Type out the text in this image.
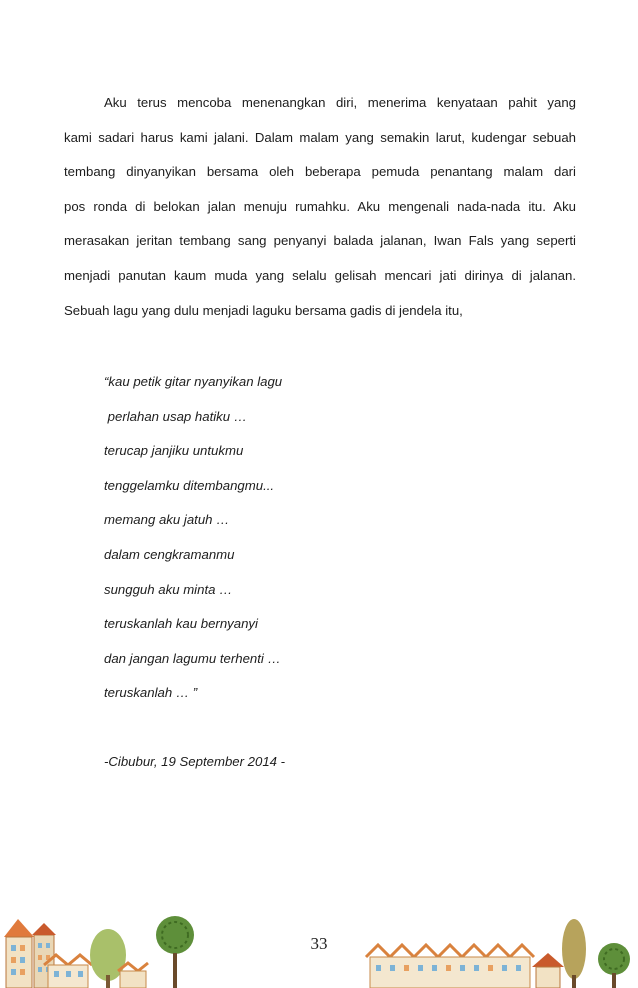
Aku terus mencoba menenangkan diri, menerima kenyataan pahit yang
kami sadari harus kami jalani. Dalam malam yang semakin larut, kudengar sebuah
tembang dinyanyikan bersama oleh beberapa pemuda penantang malam dari
pos ronda di belokan jalan menuju rumahku. Aku mengenali nada-nada itu. Aku
merasakan jeritan tembang sang penyanyi balada jalanan, Iwan Fals yang seperti
menjadi panutan kaum muda yang selalu gelisah mencari jati dirinya di jalanan.
Sebuah lagu yang dulu menjadi laguku bersama gadis di jendela itu,
“kau petik gitar nyanyikan lagu
perlahan usap hatiku …
terucap janjiku untukmu
tenggelamku ditembangmu...
memang aku jatuh …
dalam cengkramanmu
sungguh aku minta …
teruskanlah kau bernyanyi
dan jangan lagumu terhenti …
teruskanlah … ”
-Cibubur, 19 September 2014 -
33
